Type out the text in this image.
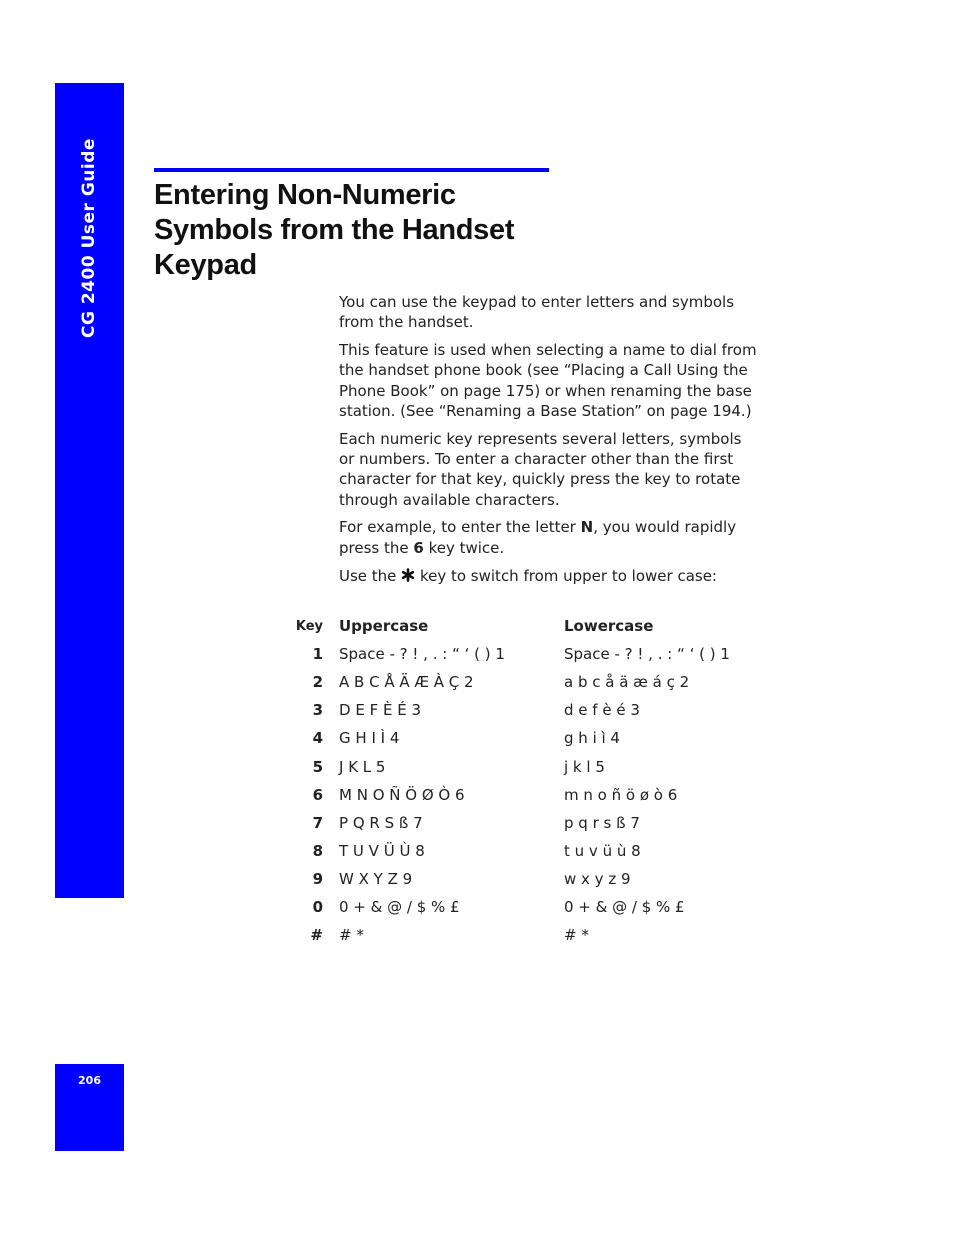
CG 2400 User Guide
206
Entering Non-Numeric Symbols from the Handset Keypad

You can use the keypad to enter letters and symbols from the handset.

This feature is used when selecting a name to dial from the handset phone book (see “Placing a Call Using the Phone Book” on page 175) or when renaming the base station. (See “Renaming a Base Station” on page 194.)

Each numeric key represents several letters, symbols or numbers. To enter a character other than the first character for that key, quickly press the key to rotate through available characters.

For example, to enter the letter N, you would rapidly press the 6 key twice.

Use the  key to switch from upper to lower case:

Key	Uppercase	Lowercase
1	Space - ? ! , . : “ ‘ ( ) 1	Space - ? ! , . : “ ‘ ( ) 1
2	A B C Å Ä Æ À Ç 2	a b c å ä æ á ç 2
3	D E F È É 3	d e f è é 3
4	G H I Ì 4	g h i ì 4
5	J K L 5	j k l 5
6	M N O Ñ Ö Ø Ò 6	m n o ñ ö ø ò 6
7	P Q R S ß 7	p q r s ß 7
8	T U V Ü Ù 8	t u v ü ù 8
9	W X Y Z 9	w x y z 9
0	0 + & @ / $ % £	0 + & @ / $ % £
#	# *	# *
